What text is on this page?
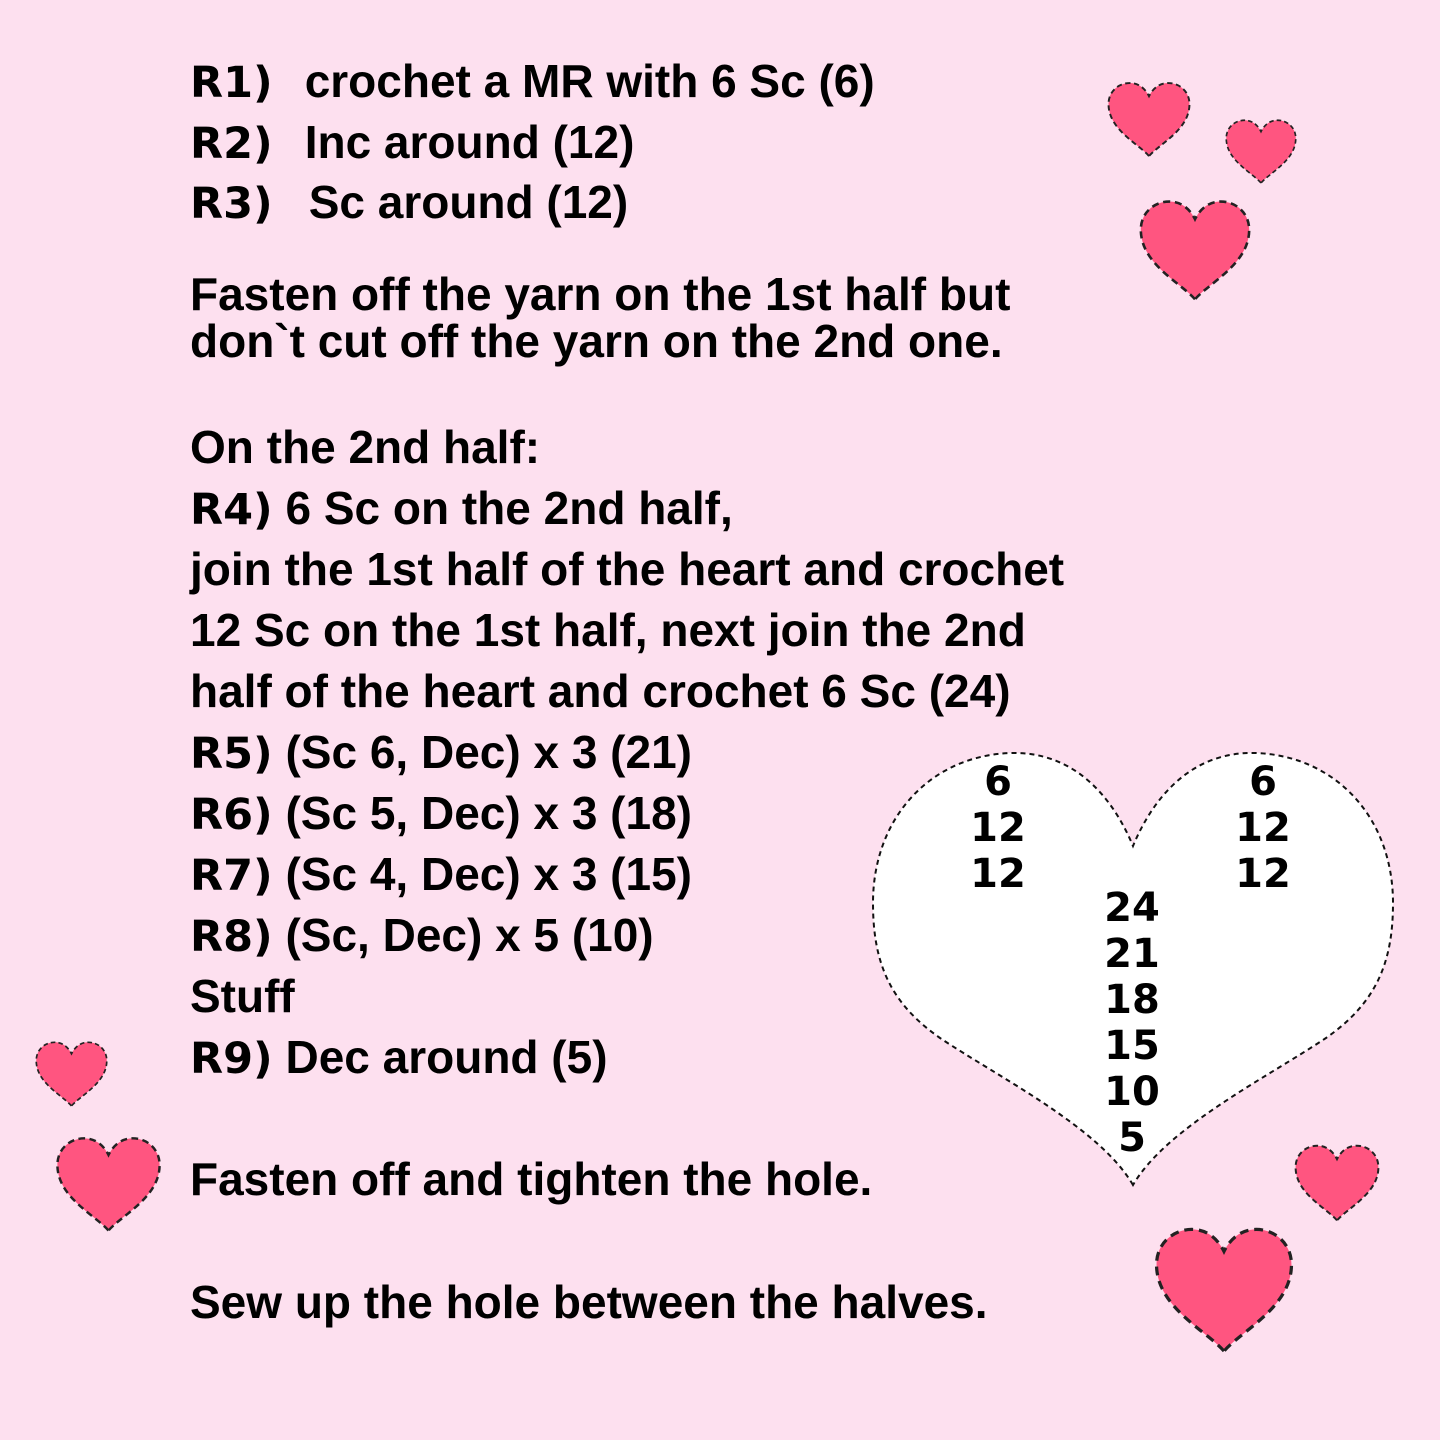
R1) crochet a MR with 6 Sc (6)
R2) Inc around (12)
R3) Sc around (12)
Fasten off the yarn on the 1st half but
don`t cut off the yarn on the 2nd one.
On the 2nd half:
R4) 6 Sc on the 2nd half,
join the 1st half of the heart and crochet
12 Sc on the 1st half, next join the 2nd
half of the heart and crochet 6 Sc (24)
R5) (Sc 6, Dec) x 3 (21)
R6) (Sc 5, Dec) x 3 (18)
R7) (Sc 4, Dec) x 3 (15)
R8) (Sc, Dec) x 5 (10)
Stuff
R9) Dec around (5)
Fasten off and tighten the hole.
Sew up the hole between the halves.
6
12
12
6
12
12
24
21
18
15
10
5
